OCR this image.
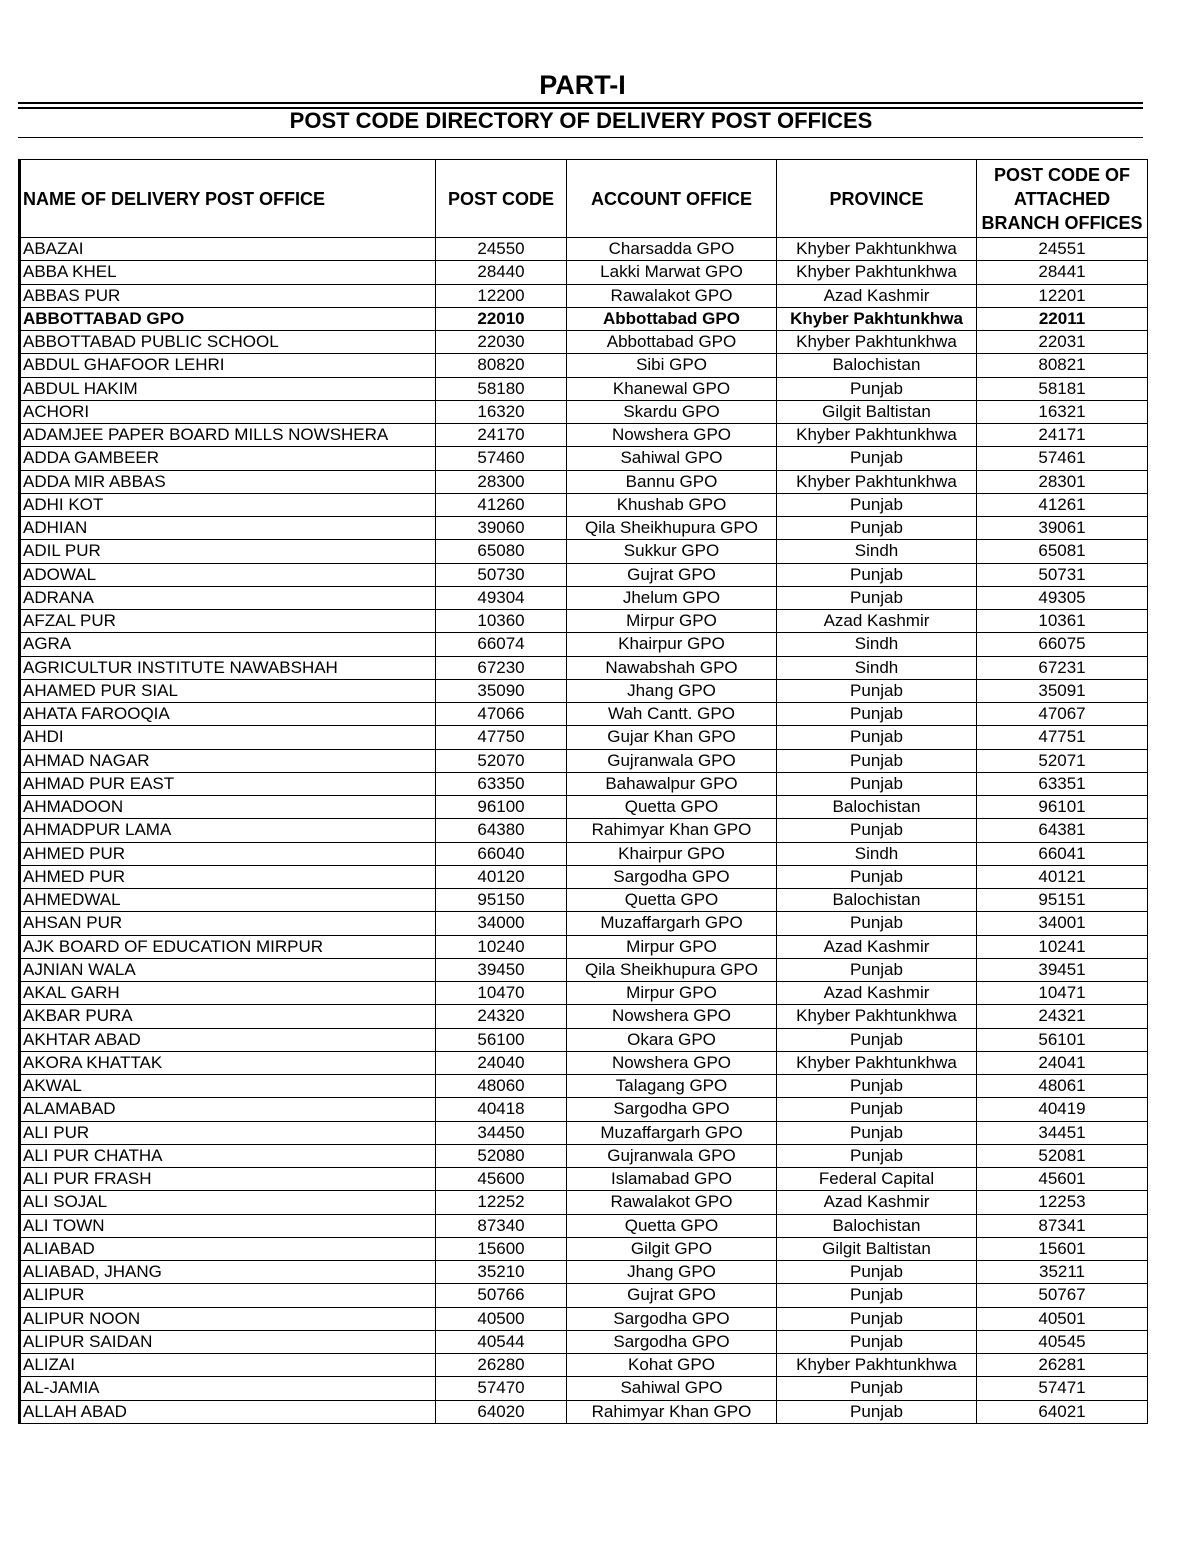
PART-I
POST CODE DIRECTORY OF DELIVERY POST OFFICES
NAME OF DELIVERY POST OFFICE	POST CODE	ACCOUNT OFFICE	PROVINCE	POST CODE OF ATTACHED BRANCH OFFICES
ABAZAI	24550	Charsadda GPO	Khyber Pakhtunkhwa	24551
ABBA KHEL	28440	Lakki Marwat GPO	Khyber Pakhtunkhwa	28441
ABBAS PUR	12200	Rawalakot GPO	Azad Kashmir	12201
ABBOTTABAD GPO	22010	Abbottabad GPO	Khyber Pakhtunkhwa	22011
ABBOTTABAD PUBLIC SCHOOL	22030	Abbottabad GPO	Khyber Pakhtunkhwa	22031
ABDUL GHAFOOR LEHRI	80820	Sibi GPO	Balochistan	80821
ABDUL HAKIM	58180	Khanewal GPO	Punjab	58181
ACHORI	16320	Skardu GPO	Gilgit Baltistan	16321
ADAMJEE PAPER BOARD MILLS NOWSHERA	24170	Nowshera GPO	Khyber Pakhtunkhwa	24171
ADDA GAMBEER	57460	Sahiwal GPO	Punjab	57461
ADDA MIR ABBAS	28300	Bannu GPO	Khyber Pakhtunkhwa	28301
ADHI KOT	41260	Khushab GPO	Punjab	41261
ADHIAN	39060	Qila Sheikhupura GPO	Punjab	39061
ADIL PUR	65080	Sukkur GPO	Sindh	65081
ADOWAL	50730	Gujrat GPO	Punjab	50731
ADRANA	49304	Jhelum GPO	Punjab	49305
AFZAL PUR	10360	Mirpur GPO	Azad Kashmir	10361
AGRA	66074	Khairpur GPO	Sindh	66075
AGRICULTUR INSTITUTE NAWABSHAH	67230	Nawabshah GPO	Sindh	67231
AHAMED PUR SIAL	35090	Jhang GPO	Punjab	35091
AHATA FAROOQIA	47066	Wah Cantt. GPO	Punjab	47067
AHDI	47750	Gujar Khan GPO	Punjab	47751
AHMAD NAGAR	52070	Gujranwala GPO	Punjab	52071
AHMAD PUR EAST	63350	Bahawalpur GPO	Punjab	63351
AHMADOON	96100	Quetta GPO	Balochistan	96101
AHMADPUR LAMA	64380	Rahimyar Khan GPO	Punjab	64381
AHMED PUR	66040	Khairpur GPO	Sindh	66041
AHMED PUR	40120	Sargodha GPO	Punjab	40121
AHMEDWAL	95150	Quetta GPO	Balochistan	95151
AHSAN PUR	34000	Muzaffargarh GPO	Punjab	34001
AJK BOARD OF EDUCATION MIRPUR	10240	Mirpur GPO	Azad Kashmir	10241
AJNIAN WALA	39450	Qila Sheikhupura GPO	Punjab	39451
AKAL GARH	10470	Mirpur GPO	Azad Kashmir	10471
AKBAR PURA	24320	Nowshera GPO	Khyber Pakhtunkhwa	24321
AKHTAR ABAD	56100	Okara GPO	Punjab	56101
AKORA KHATTAK	24040	Nowshera GPO	Khyber Pakhtunkhwa	24041
AKWAL	48060	Talagang GPO	Punjab	48061
ALAMABAD	40418	Sargodha GPO	Punjab	40419
ALI PUR	34450	Muzaffargarh GPO	Punjab	34451
ALI PUR CHATHA	52080	Gujranwala GPO	Punjab	52081
ALI PUR FRASH	45600	Islamabad GPO	Federal Capital	45601
ALI SOJAL	12252	Rawalakot GPO	Azad Kashmir	12253
ALI TOWN	87340	Quetta GPO	Balochistan	87341
ALIABAD	15600	Gilgit GPO	Gilgit Baltistan	15601
ALIABAD, JHANG	35210	Jhang GPO	Punjab	35211
ALIPUR	50766	Gujrat GPO	Punjab	50767
ALIPUR NOON	40500	Sargodha GPO	Punjab	40501
ALIPUR SAIDAN	40544	Sargodha GPO	Punjab	40545
ALIZAI	26280	Kohat GPO	Khyber Pakhtunkhwa	26281
AL-JAMIA	57470	Sahiwal GPO	Punjab	57471
ALLAH ABAD	64020	Rahimyar Khan GPO	Punjab	64021
